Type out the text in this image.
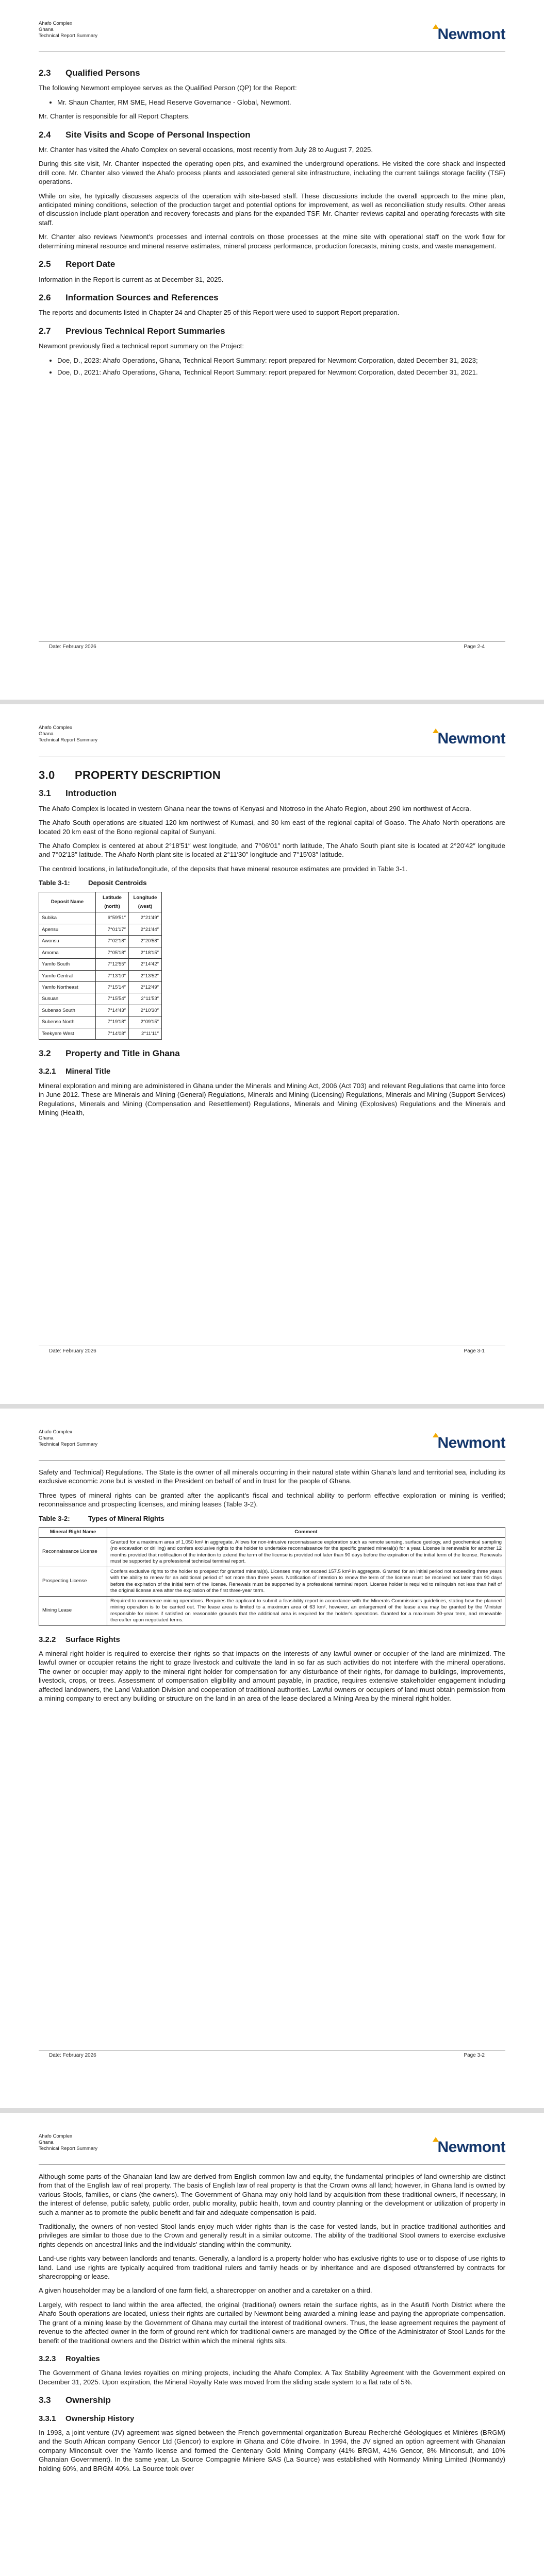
Ahafo Complex
Ghana
Technical Report Summary	Newmont
2.3 Qualified Persons

The following Newmont employee serves as the Qualified Person (QP) for the Report:

• Mr. Shaun Chanter, RM SME, Head Reserve Governance - Global, Newmont.

Mr. Chanter is responsible for all Report Chapters.

2.4 Site Visits and Scope of Personal Inspection

Mr. Chanter has visited the Ahafo Complex on several occasions, most recently from July 28 to August 7, 2025.

During this site visit, Mr. Chanter inspected the operating open pits, and examined the underground operations. He visited the core shack and inspected drill core. Mr. Chanter also viewed the Ahafo process plants and associated general site infrastructure, including the current tailings storage facility (TSF) operations.

While on site, he typically discusses aspects of the operation with site-based staff. These discussions include the overall approach to the mine plan, anticipated mining conditions, selection of the production target and potential options for improvement, as well as reconciliation study results. Other areas of discussion include plant operation and recovery forecasts and plans for the expanded TSF. Mr. Chanter reviews capital and operating forecasts with site staff.

Mr. Chanter also reviews Newmont's processes and internal controls on those processes at the mine site with operational staff on the work flow for determining mineral resource and mineral reserve estimates, mineral process performance, production forecasts, mining costs, and waste management.

2.5 Report Date

Information in the Report is current as at December 31, 2025.

2.6 Information Sources and References

The reports and documents listed in Chapter 24 and Chapter 25 of this Report were used to support Report preparation.

2.7 Previous Technical Report Summaries

Newmont previously filed a technical report summary on the Project:

• Doe, D., 2023: Ahafo Operations, Ghana, Technical Report Summary: report prepared for Newmont Corporation, dated December 31, 2023;
• Doe, D., 2021: Ahafo Operations, Ghana, Technical Report Summary: report prepared for Newmont Corporation, dated December 31, 2021.
Date: February 2026	Page 2-4
Ahafo Complex
Ghana
Technical Report Summary	Newmont
3.0 PROPERTY DESCRIPTION
3.1 Introduction

The Ahafo Complex is located in western Ghana near the towns of Kenyasi and Ntotroso in the Ahafo Region, about 290 km northwest of Accra.

The Ahafo South operations are situated 120 km northwest of Kumasi, and 30 km east of the regional capital of Goaso. The Ahafo North operations are located 20 km east of the Bono regional capital of Sunyani.

The Ahafo Complex is centered at about 2°18′51″ west longitude, and 7°06′01″ north latitude, The Ahafo South plant site is located at 2°20′42″ longitude and 7°02′13″ latitude. The Ahafo North plant site is located at 2°11′30″ longitude and 7°15′03″ latitude.

The centroid locations, in latitude/longitude, of the deposits that have mineral resource estimates are provided in Table 3-1.

Table 3-1:	Deposit Centroids
Deposit Name	Latitude (north)	Longitude (west)
Subika	6°59′51″	2°21′49″
Apensu	7°01′17″	2°21′44″
Awonsu	7°02′18″	2°20′58″
Amoma	7°05′18″	2°18′15″
Yamfo South	7°12′55″	2°14′42″
Yamfo Central	7°13′10″	2°13′52″
Yamfo Northeast	7°15′14″	2°12′49″
Susuan	7°15′54″	2°11′53″
Subenso South	7°14′43″	2°10′30″
Subenso North	7°19′18″	2°09′15″
Teekyere West	7°14′08″	2°11′11″
3.2 Property and Title in Ghana
3.2.1 Mineral Title

Mineral exploration and mining are administered in Ghana under the Minerals and Mining Act, 2006 (Act 703) and relevant Regulations that came into force in June 2012. These are Minerals and Mining (General) Regulations, Minerals and Mining (Licensing) Regulations, Minerals and Mining (Support Services) Regulations, Minerals and Mining (Compensation and Resettlement) Regulations, Minerals and Mining (Explosives) Regulations and the Minerals and Mining (Health,

Date: February 2026	Page 3-1
Ahafo Complex
Ghana
Technical Report Summary	Newmont

Safety and Technical) Regulations. The State is the owner of all minerals occurring in their natural state within Ghana's land and territorial sea, including its exclusive economic zone but is vested in the President on behalf of and in trust for the people of Ghana.

Three types of mineral rights can be granted after the applicant's fiscal and technical ability to perform effective exploration or mining is verified; reconnaissance and prospecting licenses, and mining leases (Table 3-2).

Table 3-2:	Types of Mineral Rights
Mineral Right Name	Comment
Reconnaissance License	Granted for a maximum area of 1,050 km² in aggregate. Allows for non-intrusive reconnaissance exploration such as remote sensing, surface geology, and geochemical sampling (no excavation or drilling) and confers exclusive rights to the holder to undertake reconnaissance for the specific granted mineral(s) for a year. License is renewable for another 12 months provided that notification of the intention to extend the term of the license is provided not later than 90 days before the expiration of the initial term of the license. Renewals must be supported by a professional technical terminal report.
Prospecting License	Confers exclusive rights to the holder to prospect for granted mineral(s). Licenses may not exceed 157.5 km² in aggregate. Granted for an initial period not exceeding three years with the ability to renew for an additional period of not more than three years. Notification of intention to renew the term of the license must be received not later than 90 days before the expiration of the initial term of the license. Renewals must be supported by a professional terminal report. License holder is required to relinquish not less than half of the original license area after the expiration of the first three-year term.
Mining Lease	Required to commence mining operations. Requires the applicant to submit a feasibility report in accordance with the Minerals Commission's guidelines, stating how the planned mining operation is to be carried out. The lease area is limited to a maximum area of 63 km², however, an enlargement of the lease area may be granted by the Minister responsible for mines if satisfied on reasonable grounds that the additional area is required for the holder's operations. Granted for a maximum 30-year term, and renewable thereafter upon negotiated terms.
3.2.2 Surface Rights

A mineral right holder is required to exercise their rights so that impacts on the interests of any lawful owner or occupier of the land are minimized. The lawful owner or occupier retains the right to graze livestock and cultivate the land in so far as such activities do not interfere with the mineral operations. The owner or occupier may apply to the mineral right holder for compensation for any disturbance of their rights, for damage to buildings, improvements, livestock, crops, or trees. Assessment of compensation eligibility and amount payable, in practice, requires extensive stakeholder engagement including affected landowners, the Land Valuation Division and cooperation of traditional authorities. Lawful owners or occupiers of land must obtain permission from a mining company to erect any building or structure on the land in an area of the lease declared a Mining Area by the mineral right holder.

Date: February 2026	Page 3-2
Ahafo Complex
Ghana
Technical Report Summary	Newmont

Although some parts of the Ghanaian land law are derived from English common law and equity, the fundamental principles of land ownership are distinct from that of the English law of real property. The basis of English law of real property is that the Crown owns all land; however, in Ghana land is owned by various Stools, families, or clans (the owners). The Government of Ghana may only hold land by acquisition from these traditional owners, if necessary, in the interest of defense, public safety, public order, public morality, public health, town and country planning or the development or utilization of property in such a manner as to promote the public benefit and fair and adequate compensation is paid.

Traditionally, the owners of non-vested Stool lands enjoy much wider rights than is the case for vested lands, but in practice traditional authorities and privileges are similar to those due to the Crown and generally result in a similar outcome. The ability of the traditional Stool owners to exercise exclusive rights depends on ancestral links and the individuals' standing within the community.

Land-use rights vary between landlords and tenants. Generally, a landlord is a property holder who has exclusive rights to use or to dispose of use rights to land. Land use rights are typically acquired from traditional rulers and family heads or by inheritance and are disposed of/transferred by contracts for sharecropping or lease.

A given householder may be a landlord of one farm field, a sharecropper on another and a caretaker on a third.

Largely, with respect to land within the area affected, the original (traditional) owners retain the surface rights, as in the Asutifi North District where the Ahafo South operations are located, unless their rights are curtailed by Newmont being awarded a mining lease and paying the appropriate compensation. The grant of a mining lease by the Government of Ghana may curtail the interest of traditional owners. Thus, the lease agreement requires the payment of revenue to the affected owner in the form of ground rent which for traditional owners are managed by the Office of the Administrator of Stool Lands for the benefit of the traditional owners and the District within which the mineral rights sits.

3.2.3 Royalties

The Government of Ghana levies royalties on mining projects, including the Ahafo Complex. A Tax Stability Agreement with the Government expired on December 31, 2025. Upon expiration, the Mineral Royalty Rate was moved from the sliding scale system to a flat rate of 5%.

3.3 Ownership
3.3.1 Ownership History

In 1993, a joint venture (JV) agreement was signed between the French governmental organization Bureau Recherché Géologiques et Minières (BRGM) and the South African company Gencor Ltd (Gencor) to explore in Ghana and Côte d'Ivoire. In 1994, the JV signed an option agreement with Ghanaian company Minconsult over the Yamfo license and formed the Centenary Gold Mining Company (41% BRGM, 41% Gencor, 8% Minconsult, and 10% Ghanaian Government). In the same year, La Source Compagnie Miniere SAS (La Source) was established with Normandy Mining Limited (Normandy) holding 60%, and BRGM 40%. La Source took over
